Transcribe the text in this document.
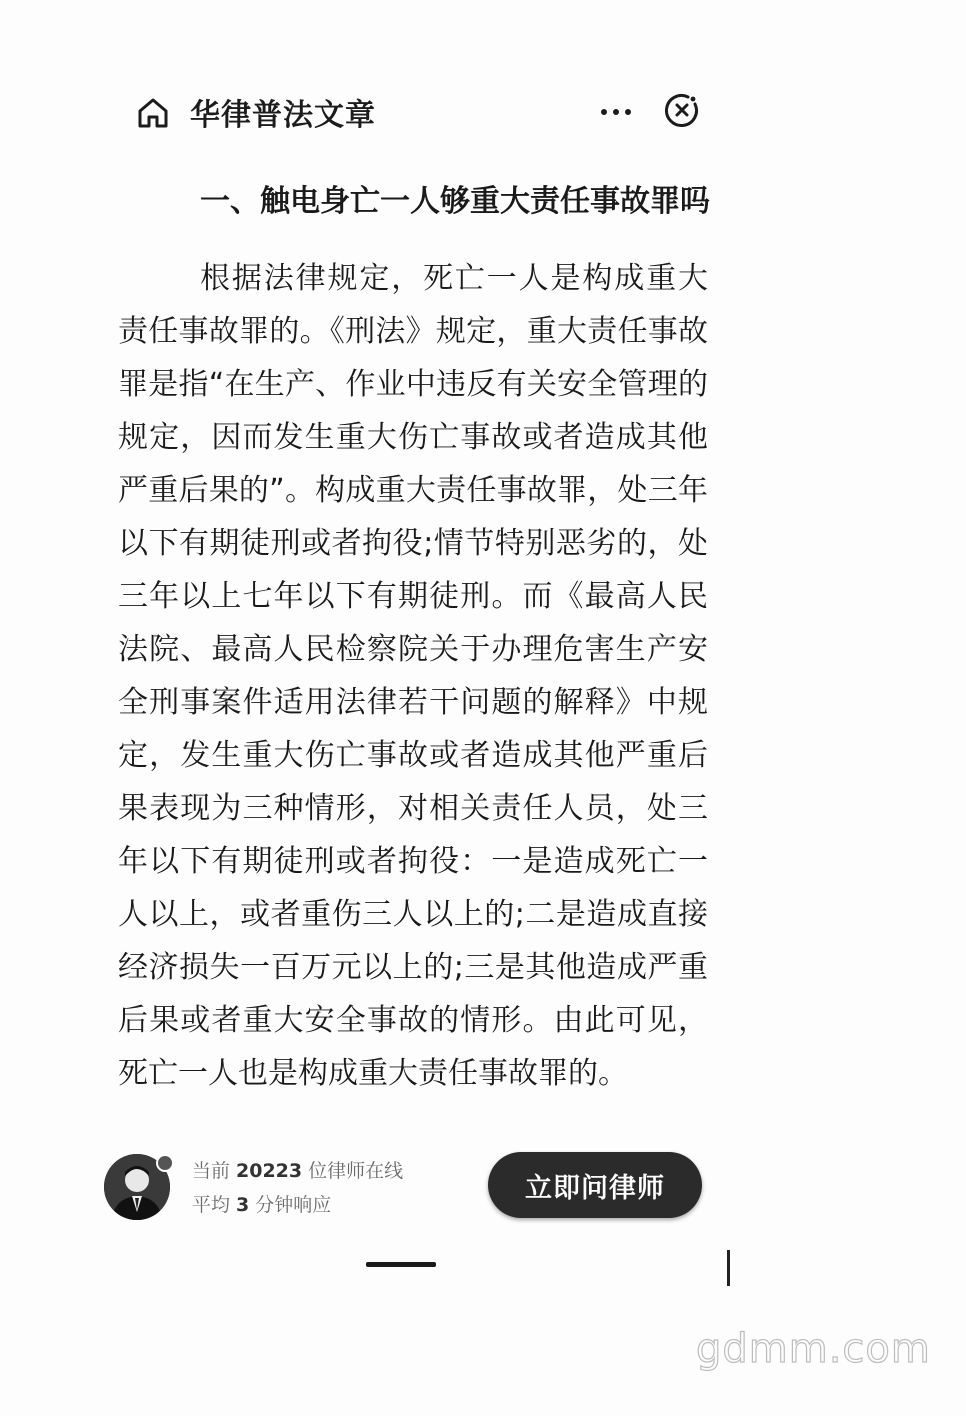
华律普法文章
一、触电身亡一人够重大责任事故罪吗

根据法律规定，死亡一人是构成重大责任事故罪的。《刑法》规定，重大责任事故罪是指“在生产、作业中违反有关安全管理的规定，因而发生重大伤亡事故或者造成其他严重后果的”。构成重大责任事故罪，处三年以下有期徒刑或者拘役;情节特别恶劣的，处三年以上七年以下有期徒刑。而《最高人民法院、最高人民检察院关于办理危害生产安全刑事案件适用法律若干问题的解释》中规定，发生重大伤亡事故或者造成其他严重后果表现为三种情形，对相关责任人员，处三年以下有期徒刑或者拘役：一是造成死亡一人以上，或者重伤三人以上的;二是造成直接经济损失一百万元以上的;三是其他造成严重后果或者重大安全事故的情形。由此可见，死亡一人也是构成重大责任事故罪的。

当前 20223 位律师在线
平均 3 分钟响应
立即问律师
gdmm.com
